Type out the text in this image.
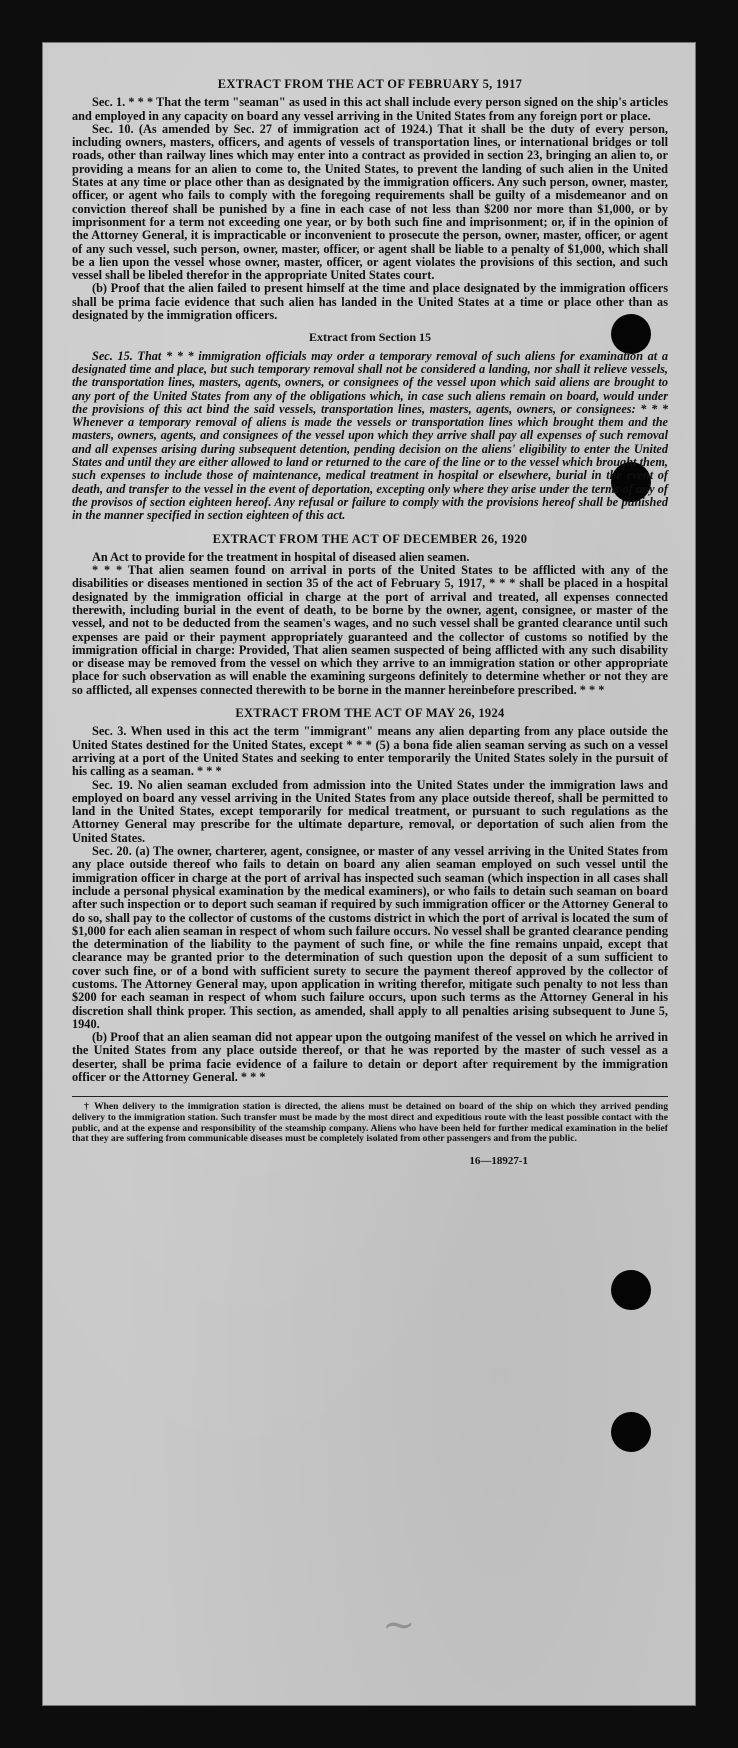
~
EXTRACT FROM THE ACT OF FEBRUARY 5, 1917

Sec. 1. * * * That the term "seaman" as used in this act shall include every person signed on the ship's articles and employed in any capacity on board any vessel arriving in the United States from any foreign port or place.

Sec. 10. (As amended by Sec. 27 of immigration act of 1924.) That it shall be the duty of every person, including owners, masters, officers, and agents of vessels of transportation lines, or international bridges or toll roads, other than railway lines which may enter into a contract as provided in section 23, bringing an alien to, or providing a means for an alien to come to, the United States, to prevent the landing of such alien in the United States at any time or place other than as designated by the immigration officers. Any such person, owner, master, officer, or agent who fails to comply with the foregoing requirements shall be guilty of a misdemeanor and on conviction thereof shall be punished by a fine in each case of not less than $200 nor more than $1,000, or by imprisonment for a term not exceeding one year, or by both such fine and imprisonment; or, if in the opinion of the Attorney General, it is impracticable or inconvenient to prosecute the person, owner, master, officer, or agent of any such vessel, such person, owner, master, officer, or agent shall be liable to a penalty of $1,000, which shall be a lien upon the vessel whose owner, master, officer, or agent violates the provisions of this section, and such vessel shall be libeled therefor in the appropriate United States court.

(b) Proof that the alien failed to present himself at the time and place designated by the immigration officers shall be prima facie evidence that such alien has landed in the United States at a time or place other than as designated by the immigration officers.

Extract from Section 15

Sec. 15. That * * * immigration officials may order a temporary removal of such aliens for examination at a designated time and place, but such temporary removal shall not be considered a landing, nor shall it relieve vessels, the transportation lines, masters, agents, owners, or consignees of the vessel upon which said aliens are brought to any port of the United States from any of the obligations which, in case such aliens remain on board, would under the provisions of this act bind the said vessels, transportation lines, masters, agents, owners, or consignees: * * * Whenever a temporary removal of aliens is made the vessels or transportation lines which brought them and the masters, owners, agents, and consignees of the vessel upon which they arrive shall pay all expenses of such removal and all expenses arising during subsequent detention, pending decision on the aliens' eligibility to enter the United States and until they are either allowed to land or returned to the care of the line or to the vessel which brought them, such expenses to include those of maintenance, medical treatment in hospital or elsewhere, burial in the event of death, and transfer to the vessel in the event of deportation, excepting only where they arise under the terms of any of the provisos of section eighteen hereof. Any refusal or failure to comply with the provisions hereof shall be punished in the manner specified in section eighteen of this act.

EXTRACT FROM THE ACT OF DECEMBER 26, 1920

An Act to provide for the treatment in hospital of diseased alien seamen.

* * * That alien seamen found on arrival in ports of the United States to be afflicted with any of the disabilities or diseases mentioned in section 35 of the act of February 5, 1917, * * * shall be placed in a hospital designated by the immigration official in charge at the port of arrival and treated, all expenses connected therewith, including burial in the event of death, to be borne by the owner, agent, consignee, or master of the vessel, and not to be deducted from the seamen's wages, and no such vessel shall be granted clearance until such expenses are paid or their payment appropriately guaranteed and the collector of customs so notified by the immigration official in charge: Provided, That alien seamen suspected of being afflicted with any such disability or disease may be removed from the vessel on which they arrive to an immigration station or other appropriate place for such observation as will enable the examining surgeons definitely to determine whether or not they are so afflicted, all expenses connected therewith to be borne in the manner hereinbefore prescribed. * * *

EXTRACT FROM THE ACT OF MAY 26, 1924

Sec. 3. When used in this act the term "immigrant" means any alien departing from any place outside the United States destined for the United States, except * * * (5) a bona fide alien seaman serving as such on a vessel arriving at a port of the United States and seeking to enter temporarily the United States solely in the pursuit of his calling as a seaman. * * *

Sec. 19. No alien seaman excluded from admission into the United States under the immigration laws and employed on board any vessel arriving in the United States from any place outside thereof, shall be permitted to land in the United States, except temporarily for medical treatment, or pursuant to such regulations as the Attorney General may prescribe for the ultimate departure, removal, or deportation of such alien from the United States.

Sec. 20. (a) The owner, charterer, agent, consignee, or master of any vessel arriving in the United States from any place outside thereof who fails to detain on board any alien seaman employed on such vessel until the immigration officer in charge at the port of arrival has inspected such seaman (which inspection in all cases shall include a personal physical examination by the medical examiners), or who fails to detain such seaman on board after such inspection or to deport such seaman if required by such immigration officer or the Attorney General to do so, shall pay to the collector of customs of the customs district in which the port of arrival is located the sum of $1,000 for each alien seaman in respect of whom such failure occurs. No vessel shall be granted clearance pending the determination of the liability to the payment of such fine, or while the fine remains unpaid, except that clearance may be granted prior to the determination of such question upon the deposit of a sum sufficient to cover such fine, or of a bond with sufficient surety to secure the payment thereof approved by the collector of customs. The Attorney General may, upon application in writing therefor, mitigate such penalty to not less than $200 for each seaman in respect of whom such failure occurs, upon such terms as the Attorney General in his discretion shall think proper. This section, as amended, shall apply to all penalties arising subsequent to June 5, 1940.

(b) Proof that an alien seaman did not appear upon the outgoing manifest of the vessel on which he arrived in the United States from any place outside thereof, or that he was reported by the master of such vessel as a deserter, shall be prima facie evidence of a failure to detain or deport after requirement by the immigration officer or the Attorney General. * * *

† When delivery to the immigration station is directed, the aliens must be detained on board of the ship on which they arrived pending delivery to the immigration station. Such transfer must be made by the most direct and expeditious route with the least possible contact with the public, and at the expense and responsibility of the steamship company. Aliens who have been held for further medical examination in the belief that they are suffering from communicable diseases must be completely isolated from other passengers and from the public.
16—18927-1
